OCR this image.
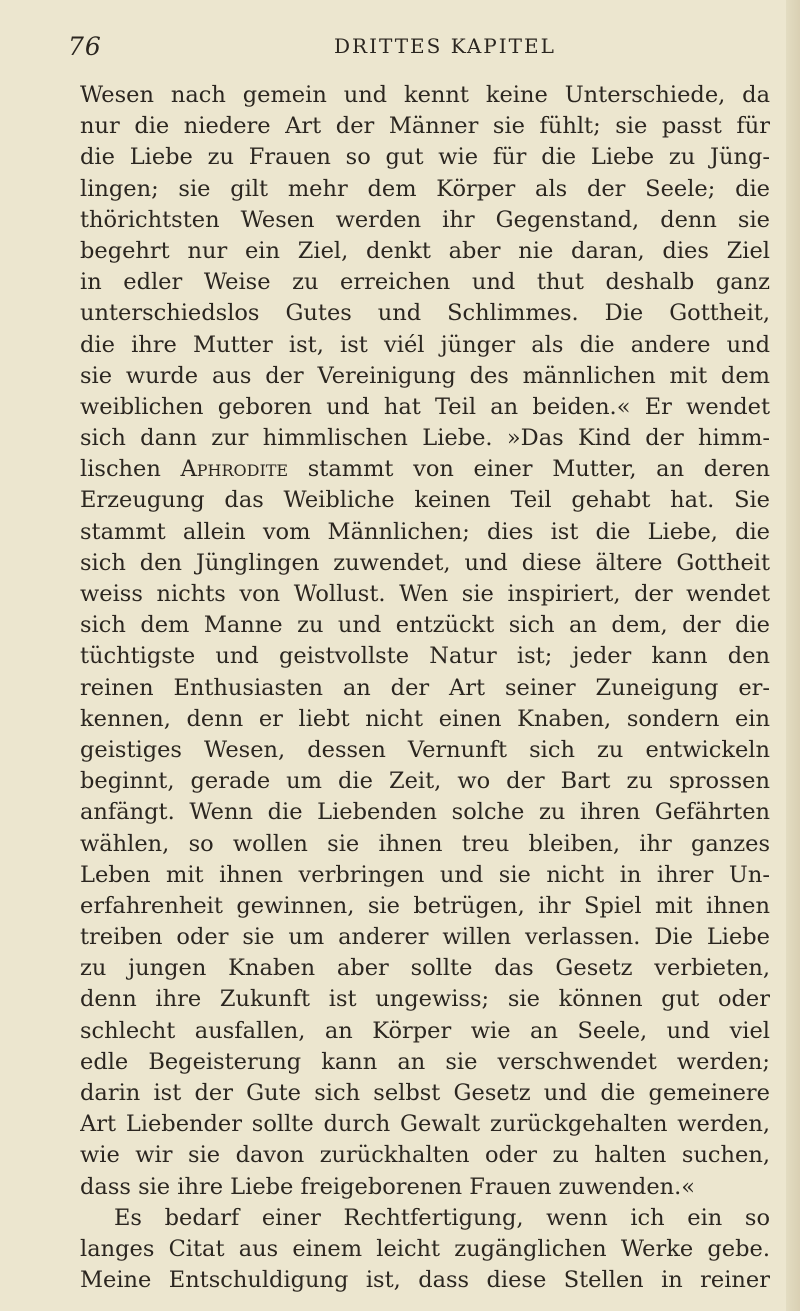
76	DRITTES KAPITEL
Wesen nach gemein und kennt keine Unterschiede, da
nur die niedere Art der Männer sie fühlt; sie passt für
die Liebe zu Frauen so gut wie für die Liebe zu Jüng-
lingen; sie gilt mehr dem Körper als der Seele; die
thörichtsten Wesen werden ihr Gegenstand, denn sie
begehrt nur ein Ziel, denkt aber nie daran, dies Ziel
in edler Weise zu erreichen und thut deshalb ganz
unterschiedslos Gutes und Schlimmes. Die Gottheit,
die ihre Mutter ist, ist viél jünger als die andere und
sie wurde aus der Vereinigung des männlichen mit dem
weiblichen geboren und hat Teil an beiden.« Er wendet
sich dann zur himmlischen Liebe. »Das Kind der himm-
lischen Aphrodite stammt von einer Mutter, an deren
Erzeugung das Weibliche keinen Teil gehabt hat. Sie
stammt allein vom Männlichen; dies ist die Liebe, die
sich den Jünglingen zuwendet, und diese ältere Gottheit
weiss nichts von Wollust. Wen sie inspiriert, der wendet
sich dem Manne zu und entzückt sich an dem, der die
tüchtigste und geistvollste Natur ist; jeder kann den
reinen Enthusiasten an der Art seiner Zuneigung er-
kennen, denn er liebt nicht einen Knaben, sondern ein
geistiges Wesen, dessen Vernunft sich zu entwickeln
beginnt, gerade um die Zeit, wo der Bart zu sprossen
anfängt. Wenn die Liebenden solche zu ihren Gefährten
wählen, so wollen sie ihnen treu bleiben, ihr ganzes
Leben mit ihnen verbringen und sie nicht in ihrer Un-
erfahrenheit gewinnen, sie betrügen, ihr Spiel mit ihnen
treiben oder sie um anderer willen verlassen. Die Liebe
zu jungen Knaben aber sollte das Gesetz verbieten,
denn ihre Zukunft ist ungewiss; sie können gut oder
schlecht ausfallen, an Körper wie an Seele, und viel
edle Begeisterung kann an sie verschwendet werden;
darin ist der Gute sich selbst Gesetz und die gemeinere
Art Liebender sollte durch Gewalt zurückgehalten werden,
wie wir sie davon zurückhalten oder zu halten suchen,
dass sie ihre Liebe freigeborenen Frauen zuwenden.«
Es bedarf einer Rechtfertigung, wenn ich ein so
langes Citat aus einem leicht zugänglichen Werke gebe.
Meine Entschuldigung ist, dass diese Stellen in reiner
